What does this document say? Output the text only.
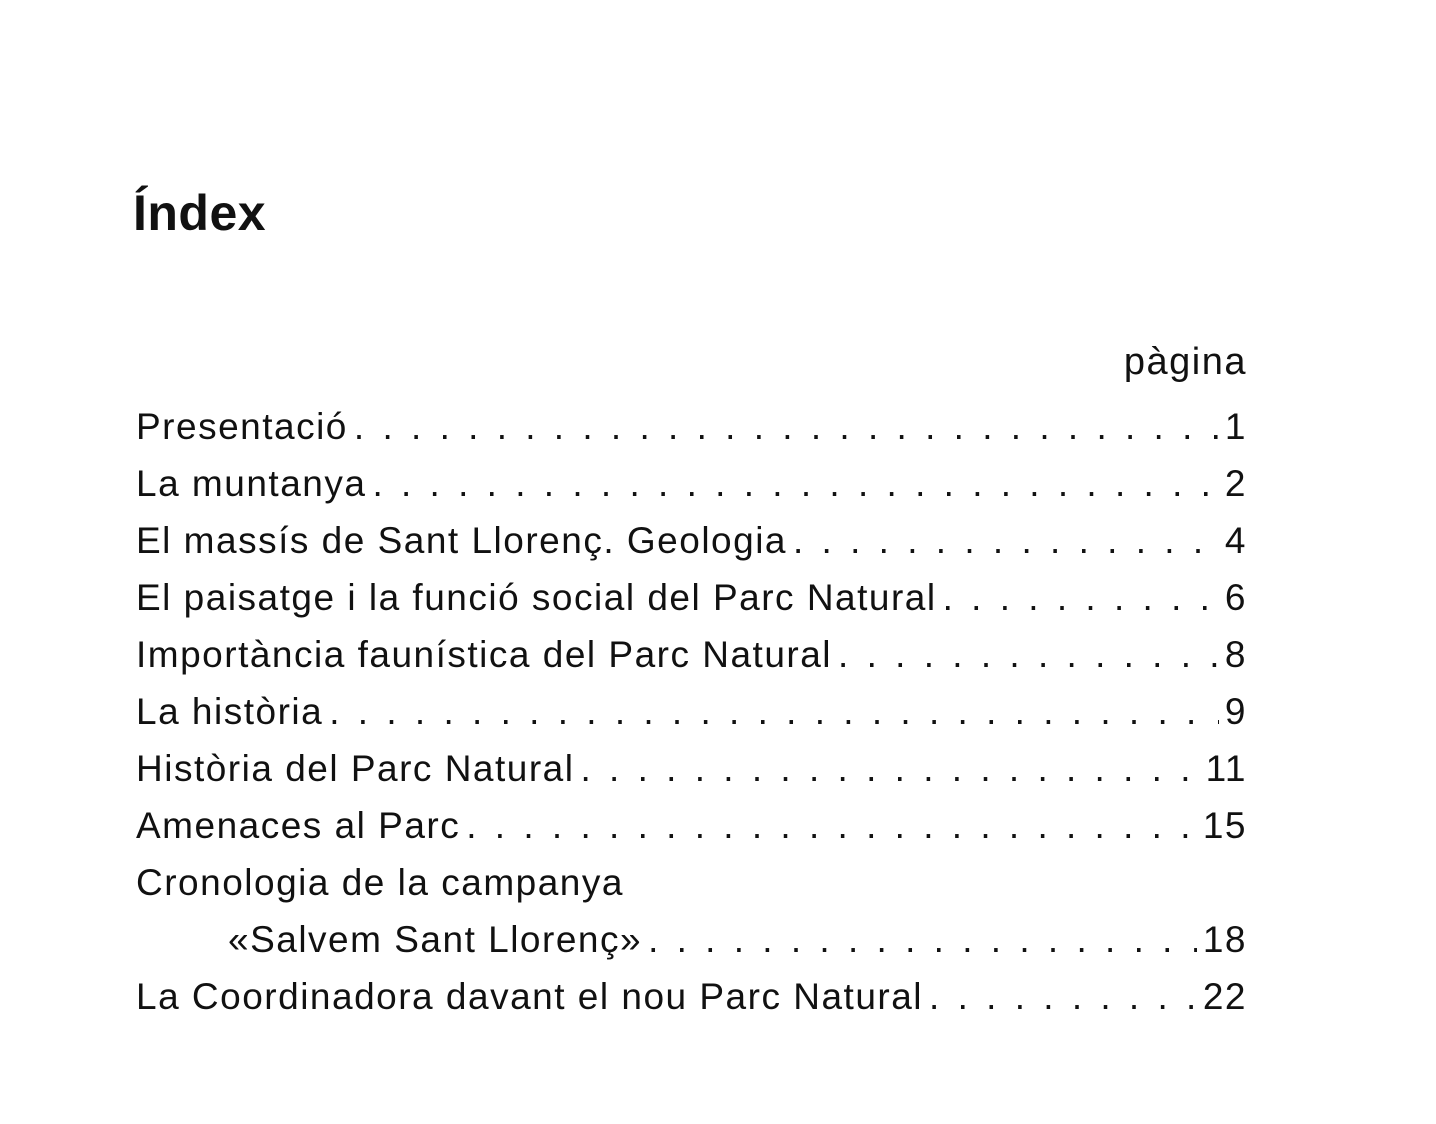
Índex
pàgina
Presentació . . .	1
La muntanya . . .	2
El massís de Sant Llorenç. Geologia . . .	4
El paisatge i la funció social del Parc Natural . . .	6
Importància faunística del Parc Natural . . .	8
La història . . .	9
Història del Parc Natural . . .	11
Amenaces al Parc . . .	15
Cronologia de la campanya
«Salvem Sant Llorenç» . . .	18
La Coordinadora davant el nou Parc Natural . . .	22
